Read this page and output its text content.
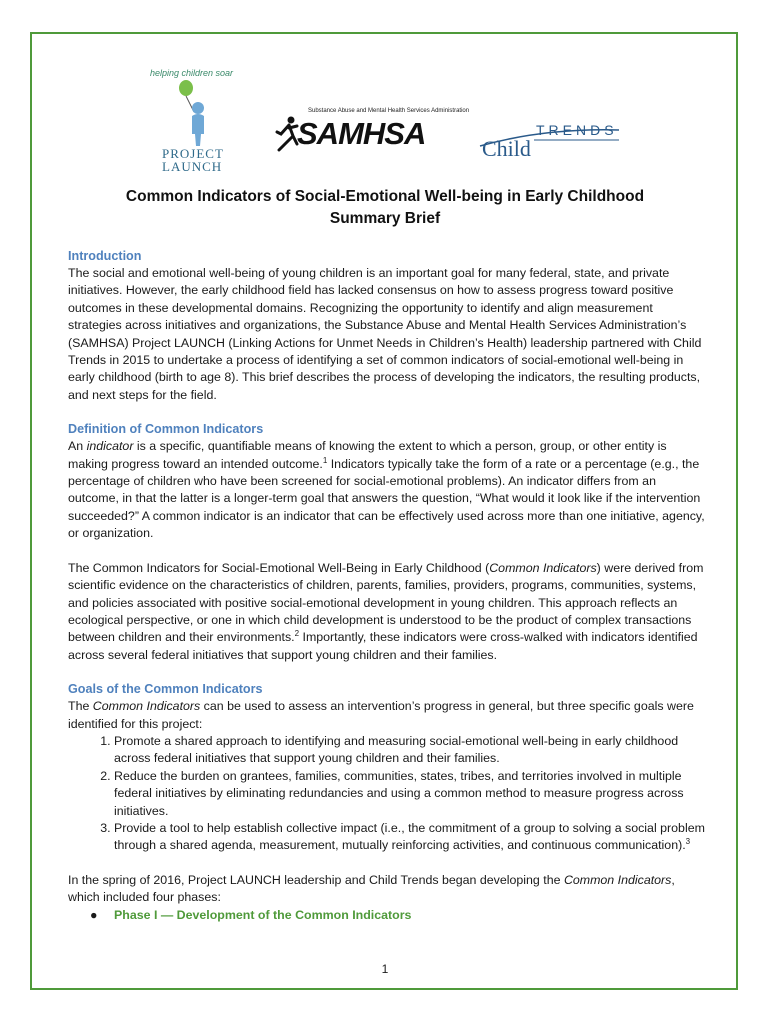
helping children soar
PROJECT
LAUNCH
Substance Abuse and Mental Health Services Administration
SAMHSA	TRENDS
Child
Common Indicators of Social-Emotional Well-being in Early Childhood
Summary Brief
Introduction

The social and emotional well-being of young children is an important goal for many federal, state, and private initiatives. However, the early childhood field has lacked consensus on how to assess progress toward positive outcomes in these developmental domains. Recognizing the opportunity to identify and align measurement strategies across initiatives and organizations, the Substance Abuse and Mental Health Services Administration’s (SAMHSA) Project LAUNCH (Linking Actions for Unmet Needs in Children’s Health) leadership partnered with Child Trends in 2015 to undertake a process of identifying a set of common indicators of social-emotional well-being in early childhood (birth to age 8). This brief describes the process of developing the indicators, the resulting products, and next steps for the field.

Definition of Common Indicators

An indicator is a specific, quantifiable means of knowing the extent to which a person, group, or other entity is making progress toward an intended outcome.$^1$ Indicators typically take the form of a rate or a percentage (e.g., the percentage of children who have been screened for social-emotional problems). An indicator differs from an outcome, in that the latter is a longer-term goal that answers the question, “What would it look like if the intervention succeeded?” A common indicator is an indicator that can be effectively used across more than one initiative, agency, or organization.

The Common Indicators for Social-Emotional Well-Being in Early Childhood (Common Indicators) were derived from scientific evidence on the characteristics of children, parents, families, providers, programs, communities, systems, and policies associated with positive social-emotional development in young children. This approach reflects an ecological perspective, or one in which child development is understood to be the product of complex transactions between children and their environments.$^2$ Importantly, these indicators were cross-walked with indicators identified across several federal initiatives that support young children and their families.

Goals of the Common Indicators

The Common Indicators can be used to assess an intervention’s progress in general, but three specific goals were identified for this project:

1. Promote a shared approach to identifying and measuring social-emotional well-being in early childhood across federal initiatives that support young children and their families.
2. Reduce the burden on grantees, families, communities, states, tribes, and territories involved in multiple federal initiatives by eliminating redundancies and using a common method to measure progress across initiatives.
3. Provide a tool to help establish collective impact (i.e., the commitment of a group to solving a social problem through a shared agenda, measurement, mutually reinforcing activities, and continuous communication).$^3$

In the spring of 2016, Project LAUNCH leadership and Child Trends began developing the Common Indicators, which included four phases:

● Phase I — Development of the Common Indicators
1
